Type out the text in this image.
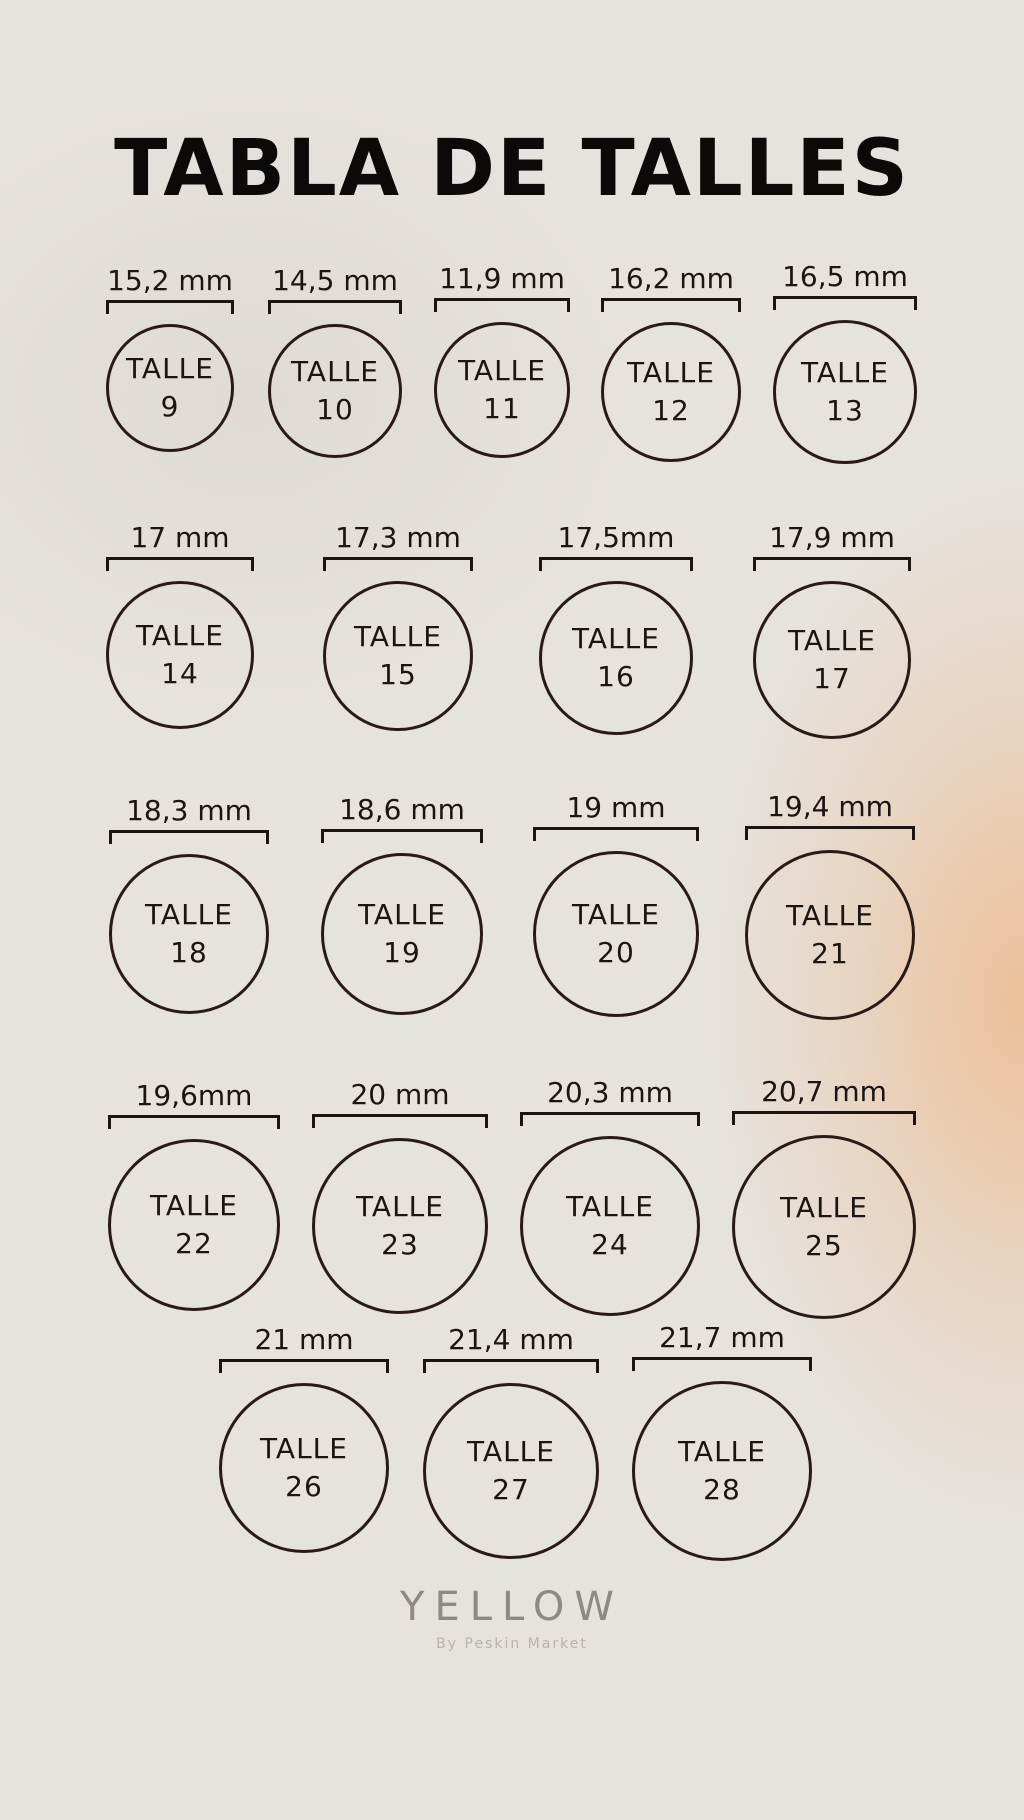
TABLA DE TALLES
15,2 mm
TALLE
9
14,5 mm
TALLE
10
11,9 mm
TALLE
11
16,2 mm
TALLE
12
16,5 mm
TALLE
13
17 mm
TALLE
14
17,3 mm
TALLE
15
17,5mm
TALLE
16
17,9 mm
TALLE
17
18,3 mm
TALLE
18
18,6 mm
TALLE
19
19 mm
TALLE
20
19,4 mm
TALLE
21
19,6mm
TALLE
22
20 mm
TALLE
23
20,3 mm
TALLE
24
20,7 mm
TALLE
25
21 mm
TALLE
26
21,4 mm
TALLE
27
21,7 mm
TALLE
28
YELLOW
By Peskin Market
